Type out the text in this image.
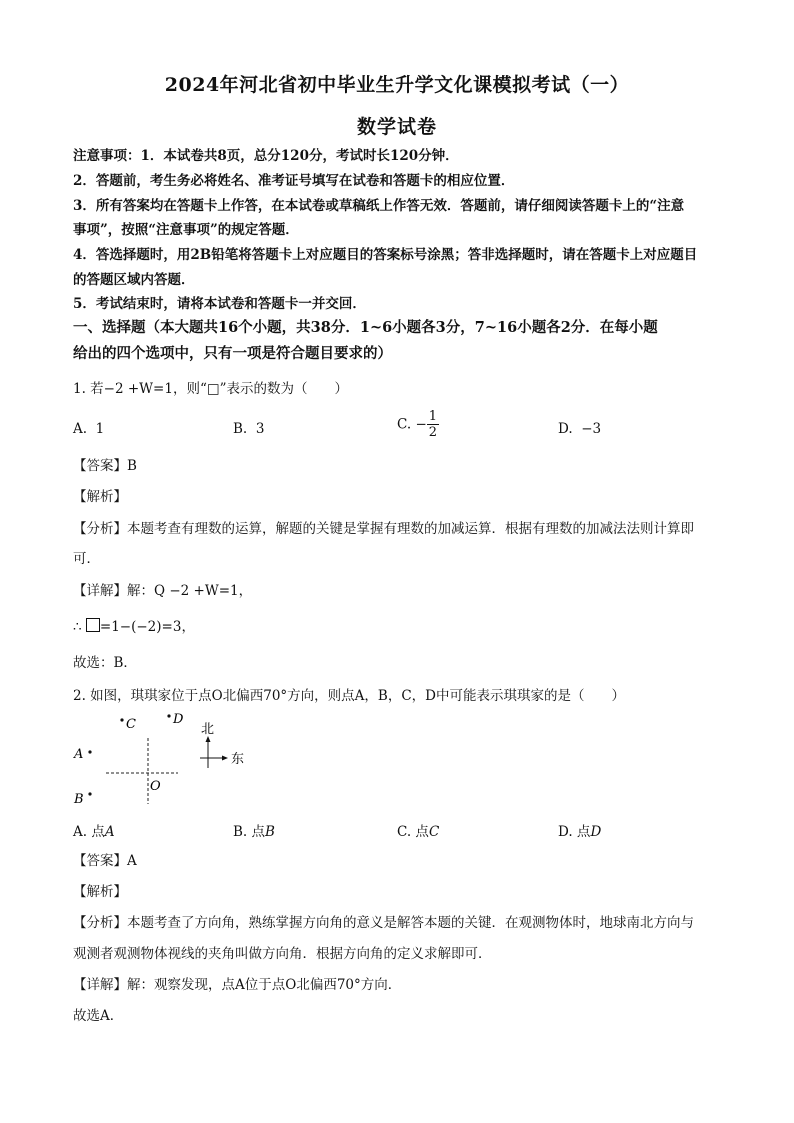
2024年河北省初中毕业生升学文化课模拟考试（一）
数学试卷
注意事项：1．本试卷共8页，总分120分，考试时长120分钟．
2．答题前，考生务必将姓名、准考证号填写在试卷和答题卡的相应位置．
3．所有答案均在答题卡上作答，在本试卷或草稿纸上作答无效．答题前，请仔细阅读答题卡上的“注意
事项”，按照“注意事项”的规定答题．
4．答选择题时，用2B铅笔将答题卡上对应题目的答案标号涂黑；答非选择题时，请在答题卡上对应题目
的答题区域内答题．
5．考试结束时，请将本试卷和答题卡一并交回．
一、选择题（本大题共16个小题，共38分．1~6小题各3分，7~16小题各2分．在每小题
给出的四个选项中，只有一项是符合题目要求的）
1. 若−2 +W=1，则“□”表示的数为（　　）
A. 1	B. 3	C. − $\frac{1}{2}$	D. −3
【答案】B
【解析】
【分析】本题考查有理数的运算，解题的关键是掌握有理数的加减运算．根据有理数的加减法法则计算即
可．
【详解】解：Q −2 +W=1，
∴ =1−(−2)=3，
故选：B．
2. 如图，琪琪家位于点O北偏西70°方向，则点A，B，C，D中可能表示琪琪家的是（　　）
C	D
A
B
O
北
东
A. 点A	B. 点B	C. 点C	D. 点D
【答案】A
【解析】
【分析】本题考查了方向角，熟练掌握方向角的意义是解答本题的关键．在观测物体时，地球南北方向与
观测者观测物体视线的夹角叫做方向角．根据方向角的定义求解即可．
【详解】解：观察发现，点A位于点O北偏西70°方向．
故选A．
